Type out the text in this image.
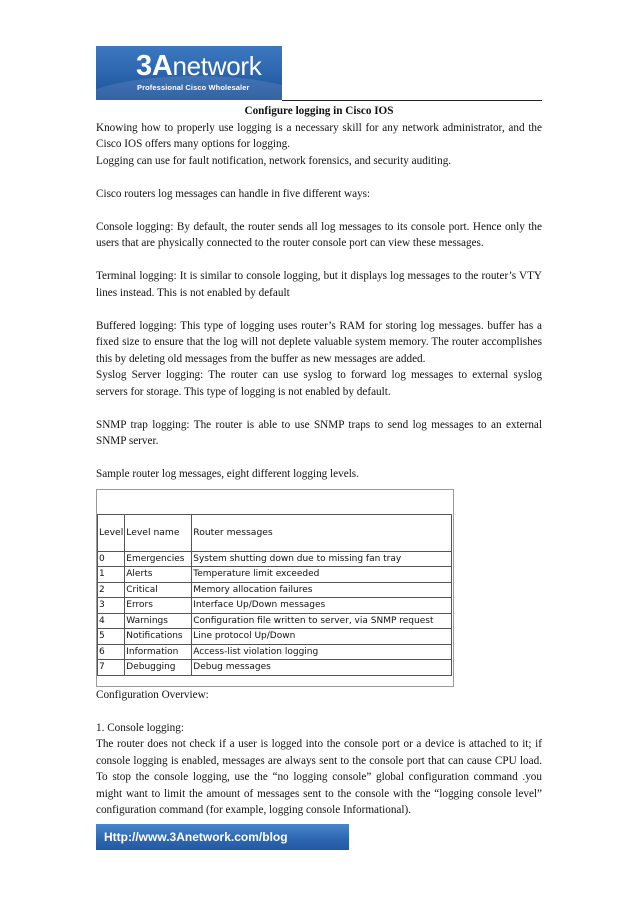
3Anetwork
Professional Cisco Wholesaler

Configure logging in Cisco IOS

Knowing how to properly use logging is a necessary skill for any network administrator, and the Cisco IOS offers many options for logging.

Logging can use for fault notification, network forensics, and security auditing.

Cisco routers log messages can handle in five different ways:

Console logging: By default, the router sends all log messages to its console port. Hence only the users that are physically connected to the router console port can view these messages.

Terminal logging: It is similar to console logging, but it displays log messages to the router’s VTY lines instead. This is not enabled by default

Buffered logging: This type of logging uses router’s RAM for storing log messages. buffer has a fixed size to ensure that the log will not deplete valuable system memory. The router accomplishes this by deleting old messages from the buffer as new messages are added.

Syslog Server logging: The router can use syslog to forward log messages to external syslog servers for storage. This type of logging is not enabled by default.

SNMP trap logging: The router is able to use SNMP traps to send log messages to an external SNMP server.

Sample router log messages, eight different logging levels.

Level	Level name	Router messages
0	Emergencies	System shutting down due to missing fan tray
1	Alerts	Temperature limit exceeded
2	Critical	Memory allocation failures
3	Errors	Interface Up/Down messages
4	Warnings	Configuration file written to server, via SNMP request
5	Notifications	Line protocol Up/Down
6	Information	Access-list violation logging
7	Debugging	Debug messages

Configuration Overview:

1. Console logging:

The router does not check if a user is logged into the console port or a device is attached to it; if console logging is enabled, messages are always sent to the console port that can cause CPU load. To stop the console logging, use the “no logging console” global configuration command .you might want to limit the amount of messages sent to the console with the “logging console level” configuration command (for example, logging console Informational).

Http://www.3Anetwork.com/blog
